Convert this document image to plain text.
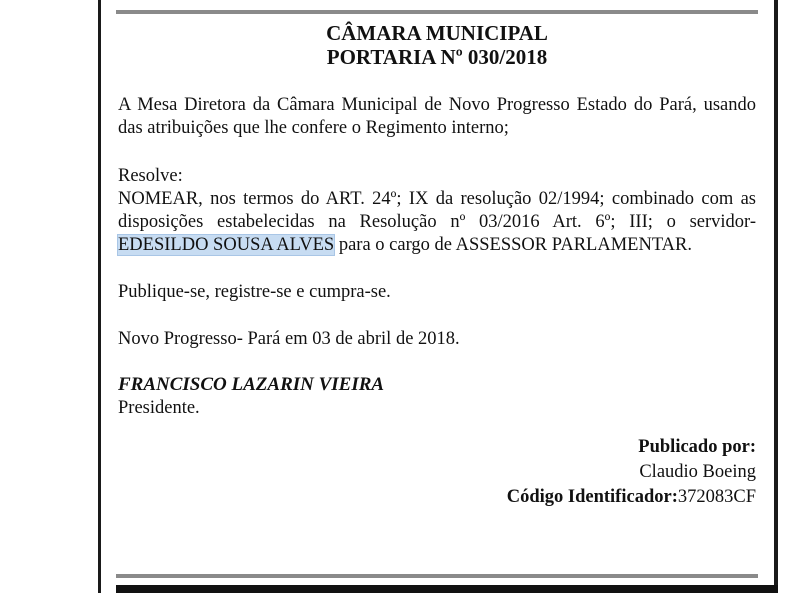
CÂMARA MUNICIPAL

PORTARIA Nº 030/2018

A Mesa Diretora da Câmara Municipal de Novo Progresso Estado do Pará, usando das atribuições que lhe confere o Regimento interno;

Resolve:

NOMEAR, nos termos do ART. 24º; IX da resolução 02/1994; combinado com as disposições estabelecidas na Resolução nº 03/2016 Art. 6º; III; o servidor- EDESILDO SOUSA ALVES para o cargo de ASSESSOR PARLAMENTAR.

Publique-se, registre-se e cumpra-se.

Novo Progresso- Pará em 03 de abril de 2018.

FRANCISCO LAZARIN VIEIRA

Presidente.

Publicado por:
Claudio Boeing
Código Identificador:372083CF
